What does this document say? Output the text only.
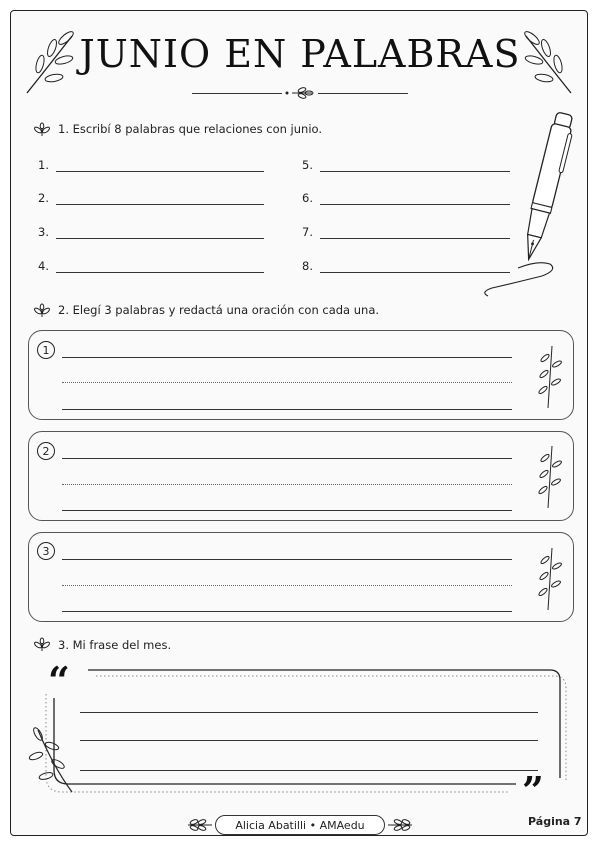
JUNIO EN PALABRAS
1. Escribí 8 palabras que relaciones con junio.
1.
2.
3.
4.
5.
6.
7.
8.
2. Elegí 3 palabras y redactá una oración con cada una.
1
2
3
3. Mi frase del mes.
“
”
Alicia Abatilli • AMAedu	Página 7
